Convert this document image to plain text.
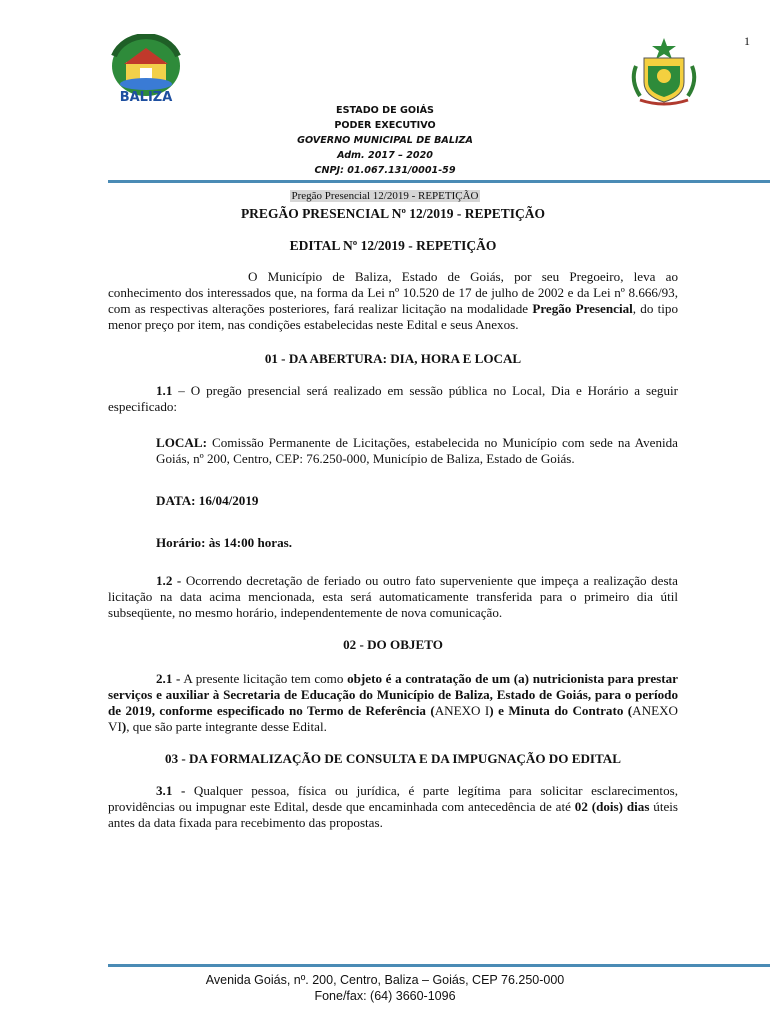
1
BALIZA
ESTADO DE GOIÁS
PODER EXECUTIVO
GOVERNO MUNICIPAL DE BALIZA
Adm. 2017 – 2020
CNPJ: 01.067.131/0001-59
Pregão Presencial 12/2019 - REPETIÇÃO

PREGÃO PRESENCIAL Nº 12/2019 - REPETIÇÃO

EDITAL Nº 12/2019 - REPETIÇÃO

O Município de Baliza, Estado de Goiás, por seu Pregoeiro, leva ao conhecimento dos interessados que, na forma da Lei nº 10.520 de 17 de julho de 2002 e da Lei nº 8.666/93, com as respectivas alterações posteriores, fará realizar licitação na modalidade Pregão Presencial, do tipo menor preço por item, nas condições estabelecidas neste Edital e seus Anexos.

01 - DA ABERTURA: DIA, HORA E LOCAL

1.1 – O pregão presencial será realizado em sessão pública no Local, Dia e Horário a seguir especificado:

LOCAL: Comissão Permanente de Licitações, estabelecida no Município com sede na Avenida Goiás, nº 200, Centro, CEP: 76.250-000, Município de Baliza, Estado de Goiás.

DATA: 16/04/2019

Horário: às 14:00 horas.

1.2 - Ocorrendo decretação de feriado ou outro fato superveniente que impeça a realização desta licitação na data acima mencionada, esta será automaticamente transferida para o primeiro dia útil subseqüente, no mesmo horário, independentemente de nova comunicação.

02 - DO OBJETO

2.1 - A presente licitação tem como objeto é a contratação de um (a) nutricionista para prestar serviços e auxiliar à Secretaria de Educação do Município de Baliza, Estado de Goiás, para o período de 2019, conforme especificado no Termo de Referência (ANEXO I) e Minuta do Contrato (ANEXO VI), que são parte integrante desse Edital.

03 - DA FORMALIZAÇÃO DE CONSULTA E DA IMPUGNAÇÃO DO EDITAL

3.1 - Qualquer pessoa, física ou jurídica, é parte legítima para solicitar esclarecimentos, providências ou impugnar este Edital, desde que encaminhada com antecedência de até 02 (dois) dias úteis antes da data fixada para recebimento das propostas.

Avenida Goiás, nº. 200, Centro, Baliza – Goiás, CEP 76.250-000
Fone/fax: (64) 3660-1096
